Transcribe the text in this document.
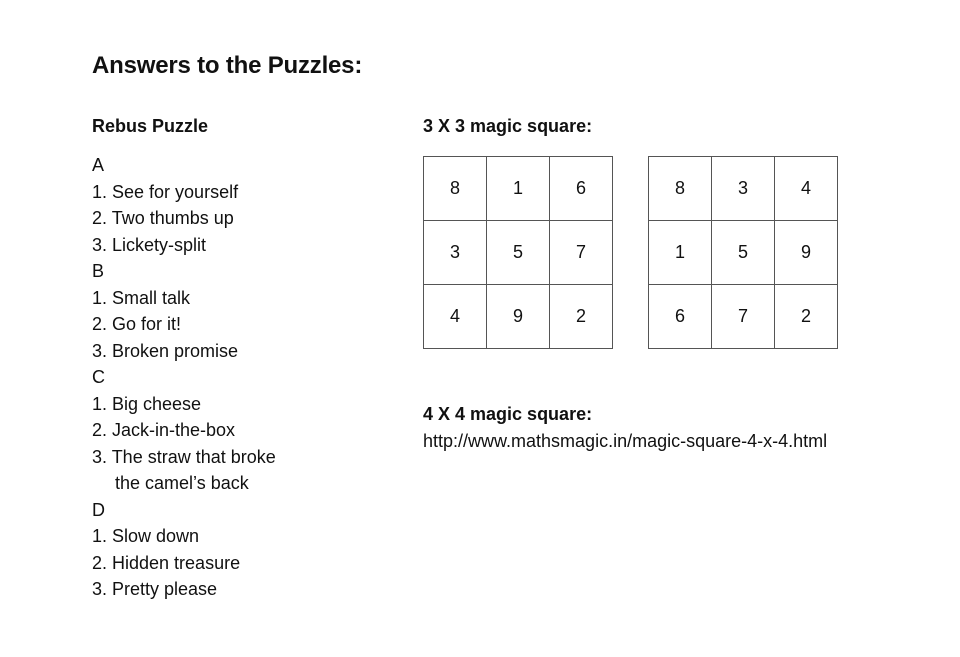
Answers to the Puzzles:
Rebus Puzzle
A
1. See for yourself
2. Two thumbs up
3. Lickety-split
B
1. Small talk
2. Go for it!
3. Broken promise
C
1. Big cheese
2. Jack-in-the-box
3. The straw that broke
the camel’s back
D
1. Slow down
2. Hidden treasure
3. Pretty please
3 X 3 magic square:
8	1	6
3	5	7
4	9	2
8	3	4
1	5	9
6	7	2
4 X 4 magic square:
http://www.mathsmagic.in/magic-square-4-x-4.html
